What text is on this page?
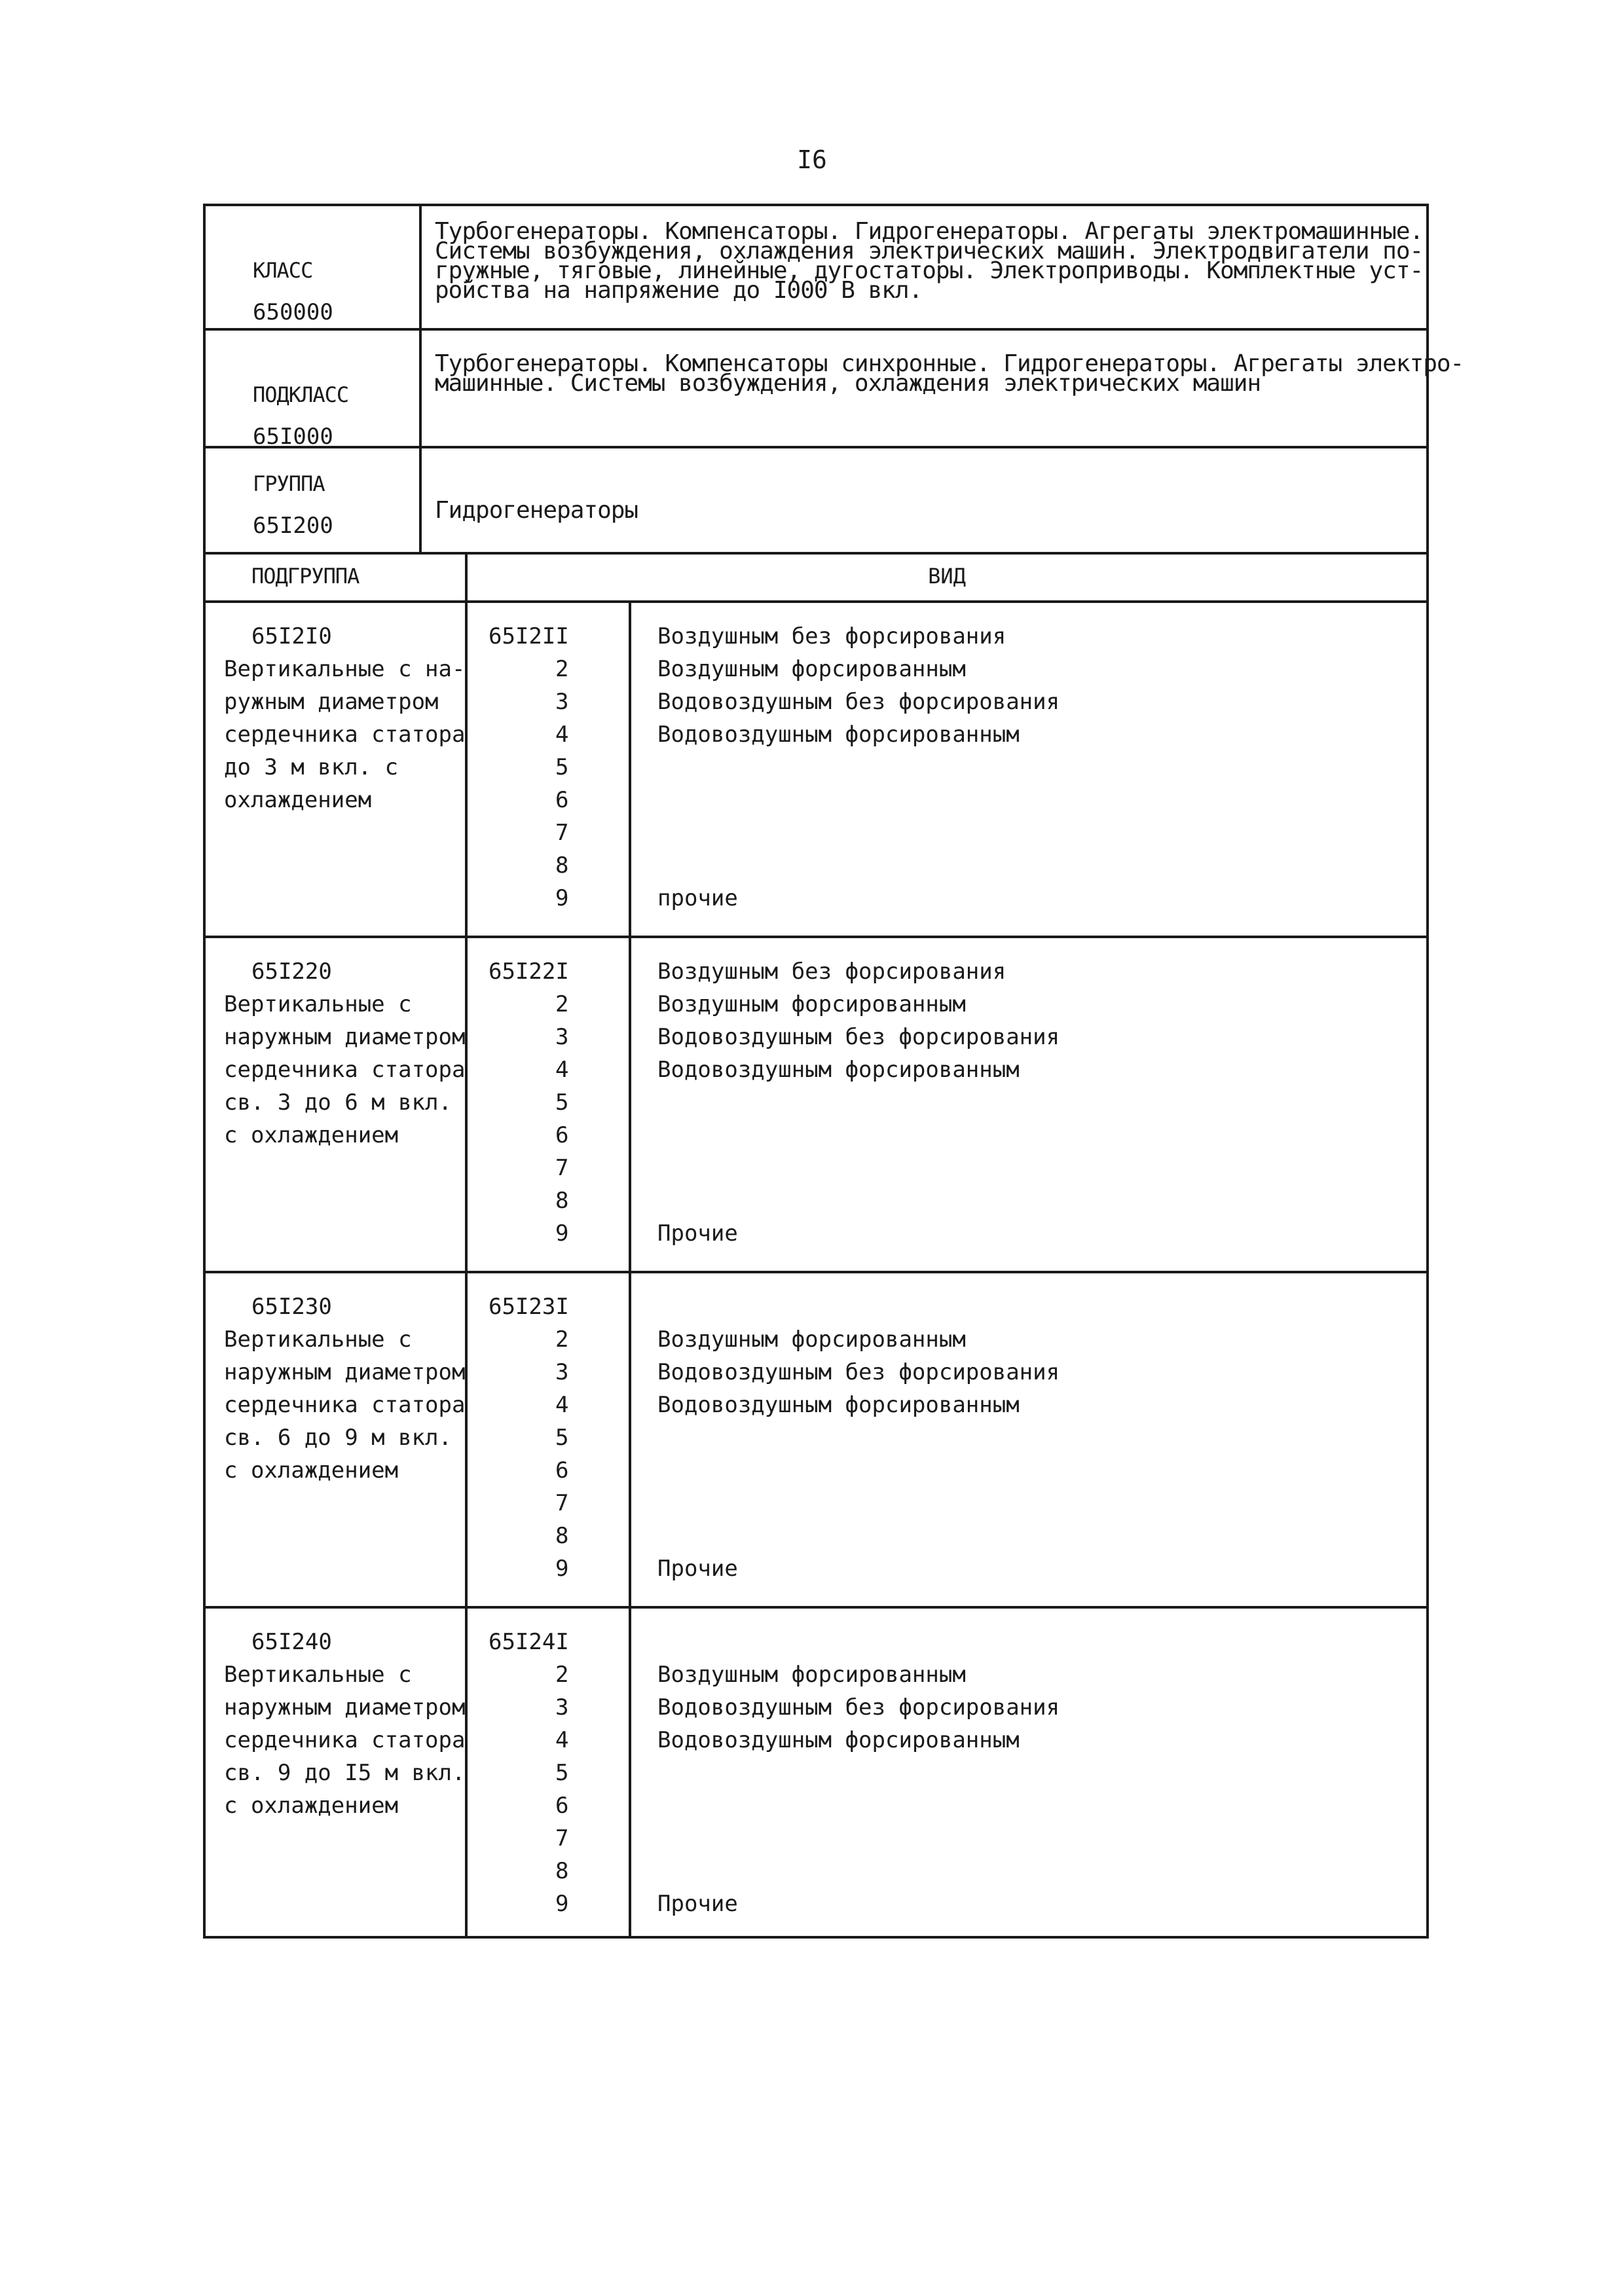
I6
КЛАСС
650000
Турбогенераторы. Компенсаторы. Гидрогенераторы. Агрегаты электромашинные.
Системы возбуждения, охлаждения электрических машин. Электродвигатели по-
гружные, тяговые, линейные, дугостаторы. Электроприводы. Комплектные уст-
ройства на напряжение до I000 В вкл.
ПОДКЛАСС
65I000
Турбогенераторы. Компенсаторы синхронные. Гидрогенераторы. Агрегаты электро-
машинные. Системы возбуждения, охлаждения электрических машин
ГРУППА
65I200
Гидрогенераторы
ПОДГРУППА	ВИД
65I2I0
Вертикальные с на-
ружным диаметром
сердечника статора
до 3 м вкл. с
охлаждением
65I2II
2
3
4
5
6
7
8
9
Воздушным без форсирования
Воздушным форсированным
Водовоздушным без форсирования
Водовоздушным форсированным
прочие
65I220
Вертикальные с
наружным диаметром
сердечника статора
св. 3 до 6 м вкл.
с охлаждением
65I22I
2
3
4
5
6
7
8
9
Воздушным без форсирования
Воздушным форсированным
Водовоздушным без форсирования
Водовоздушным форсированным
Прочие
65I230
Вертикальные с
наружным диаметром
сердечника статора
св. 6 до 9 м вкл.
с охлаждением
65I23I
2
3
4
5
6
7
8
9
Воздушным форсированным
Водовоздушным без форсирования
Водовоздушным форсированным
Прочие
65I240
Вертикальные с
наружным диаметром
сердечника статора
св. 9 до I5 м вкл.
с охлаждением
65I24I
2
3
4
5
6
7
8
9
Воздушным форсированным
Водовоздушным без форсирования
Водовоздушным форсированным
Прочие
